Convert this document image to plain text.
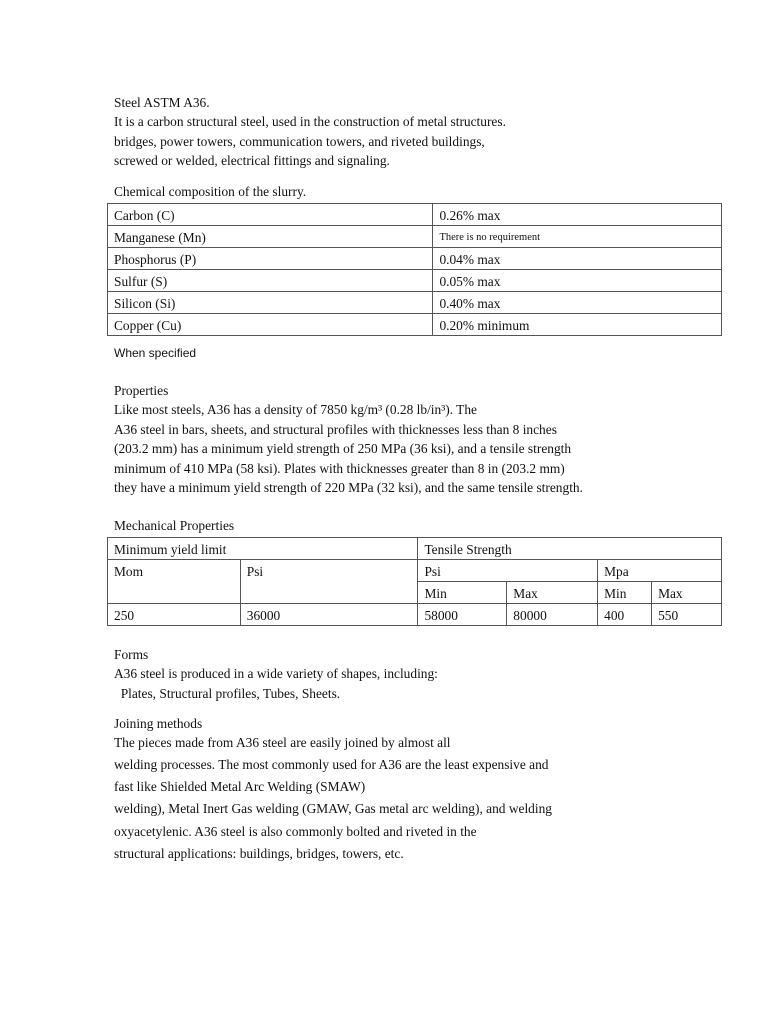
Steel ASTM A36.
It is a carbon structural steel, used in the construction of metal structures.
bridges, power towers, communication towers, and riveted buildings,
screwed or welded, electrical fittings and signaling.
Chemical composition of the slurry.
Carbon (C)	0.26% max
Manganese (Mn)	There is no requirement
Phosphorus (P)	0.04% max
Sulfur (S)	0.05% max
Silicon (Si)	0.40% max
Copper (Cu)	0.20% minimum
When specified
Properties
Like most steels, A36 has a density of 7850 kg/m³ (0.28 lb/in³). The
A36 steel in bars, sheets, and structural profiles with thicknesses less than 8 inches
(203.2 mm) has a minimum yield strength of 250 MPa (36 ksi), and a tensile strength
minimum of 410 MPa (58 ksi). Plates with thicknesses greater than 8 in (203.2 mm)
they have a minimum yield strength of 220 MPa (32 ksi), and the same tensile strength.
Mechanical Properties
Minimum yield limit		Tensile Strength			
Mom	Psi	Psi		Mpa	
		Min	Max	Min	Max
250	36000	58000	80000	400	550
Forms
A36 steel is produced in a wide variety of shapes, including:
Plates, Structural profiles, Tubes, Sheets.
Joining methods
The pieces made from A36 steel are easily joined by almost all
welding processes. The most commonly used for A36 are the least expensive and
fast like Shielded Metal Arc Welding (SMAW)
welding), Metal Inert Gas welding (GMAW, Gas metal arc welding), and welding
oxyacetylenic. A36 steel is also commonly bolted and riveted in the
structural applications: buildings, bridges, towers, etc.
